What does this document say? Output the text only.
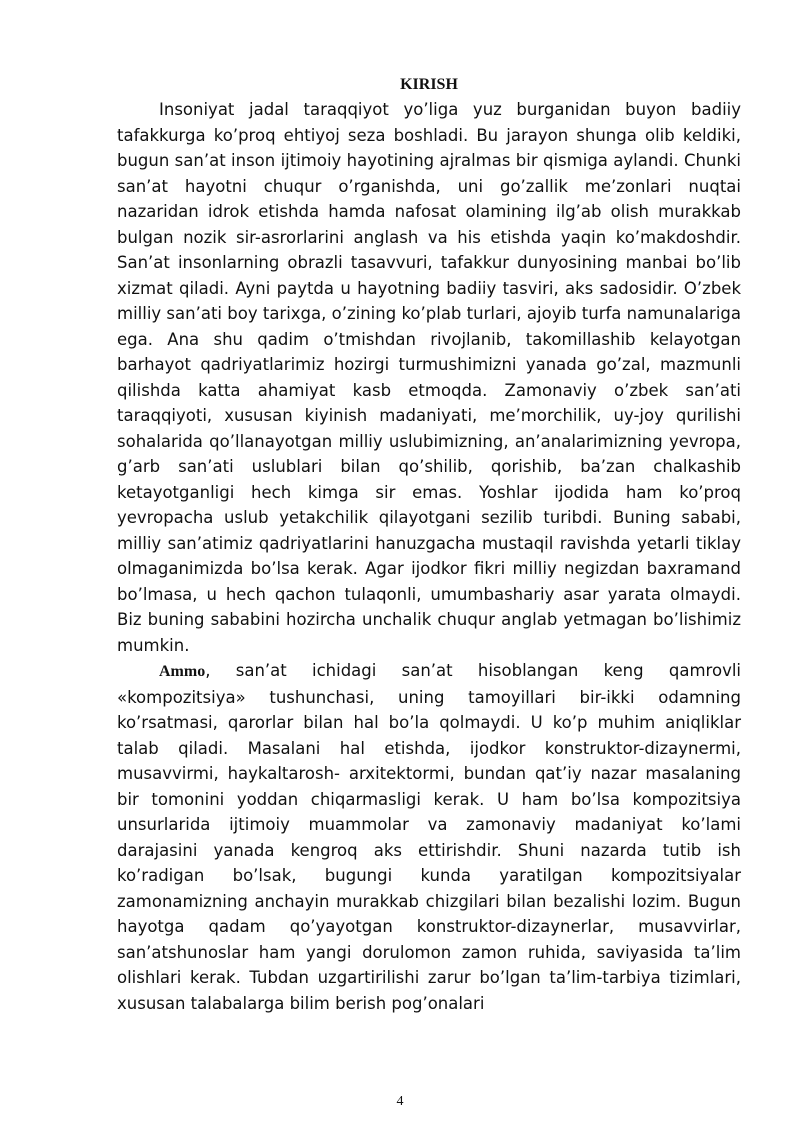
KIRISH

Insoniyat jadal taraqqiyot yo’liga yuz burganidan buyon badiiy tafakkurga ko’proq ehtiyoj seza boshladi. Bu jarayon shunga olib keldiki, bugun san’at inson ijtimoiy hayotining ajralmas bir qismiga aylandi. Chunki san’at hayotni chuqur o’rganishda, uni go’zallik me’zonlari nuqtai nazaridan idrok etishda hamda nafosat olamining ilg’ab olish murakkab bulgan nozik sir-asrorlarini anglash va his etishda yaqin ko’makdoshdir. San’at insonlarning obrazli tasavvuri, tafakkur dunyosining manbai bo’lib xizmat qiladi. Ayni paytda u hayotning badiiy tasviri, aks sadosidir. O’zbek milliy san’ati boy tarixga, o’zining ko’plab turlari, ajoyib turfa namunalariga ega. Ana shu qadim o’tmishdan rivojlanib, takomillashib kelayotgan barhayot qadriyatlarimiz hozirgi turmushimizni yanada go’zal, mazmunli qilishda katta ahamiyat kasb etmoqda. Zamonaviy o’zbek san’ati taraqqiyoti, xususan kiyinish madaniyati, me’morchilik, uy-joy qurilishi sohalarida qo’llanayotgan milliy uslubimizning, an’analarimizning yevropa, g’arb san’ati uslublari bilan qo’shilib, qorishib, ba’zan chalkashib ketayotganligi hech kimga sir emas. Yoshlar ijodida ham ko’proq yevropacha uslub yetakchilik qilayotgani sezilib turibdi. Buning sababi, milliy san’atimiz qadriyatlarini hanuzgacha mustaqil ravishda yetarli tiklay olmaganimizda bo’lsa kerak. Agar ijodkor fikri milliy negizdan baxramand bo’lmasa, u hech qachon tulaqonli, umumbashariy asar yarata olmaydi. Biz buning sababini hozircha unchalik chuqur anglab yetmagan bo’lishimiz mumkin.

Ammo, san’at ichidagi san’at hisoblangan keng qamrovli «kompozitsiya» tushunchasi, uning tamoyillari bir-ikki odamning ko’rsatmasi, qarorlar bilan hal bo’la qolmaydi. U ko’p muhim aniqliklar talab qiladi. Masalani hal etishda, ijodkor konstruktor-dizaynermi, musavvirmi, haykaltarosh- arxitektormi, bundan qat’iy nazar masalaning bir tomonini yoddan chiqarmasligi kerak. U ham bo’lsa kompozitsiya unsurlarida ijtimoiy muammolar va zamonaviy madaniyat ko’lami darajasini yanada kengroq aks ettirishdir. Shuni nazarda tutib ish ko’radigan bo’lsak, bugungi kunda yaratilgan kompozitsiyalar zamonamizning anchayin murakkab chizgilari bilan bezalishi lozim. Bugun hayotga qadam qo’yayotgan konstruktor-dizaynerlar, musavvirlar, san’atshunoslar ham yangi dorulomon zamon ruhida, saviyasida ta’lim olishlari kerak. Tubdan uzgartirilishi zarur bo’lgan ta’lim-tarbiya tizimlari, xususan talabalarga bilim berish pog’onalari

4
